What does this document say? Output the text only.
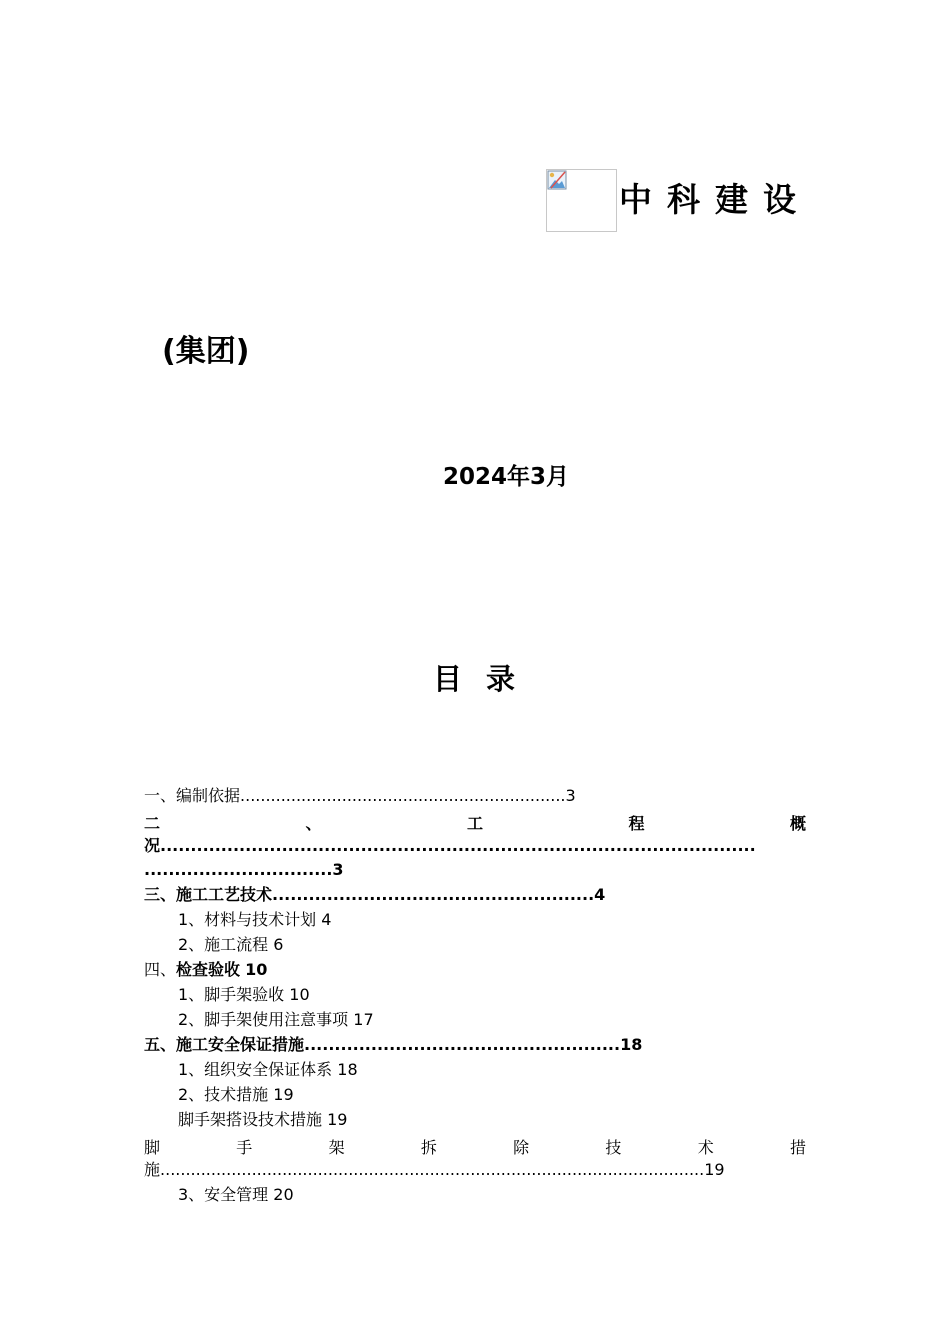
中科建设
(集团)
2024年3月
目录
一、编制依据................................................................3
二	、	工	程	概
况..................................................................................................
...............................3
三、施工工艺技术.....................................................4
1、材料与技术计划 4
2、施工流程 6
四、检查验收 10
1、脚手架验收 10
2、脚手架使用注意事项 17
五、施工安全保证措施....................................................18
1、组织安全保证体系 18
2、技术措施 19
脚手架搭设技术措施 19
脚	手	架	拆	除	技	术	措
施...........................................................................................................19
3、安全管理 20
